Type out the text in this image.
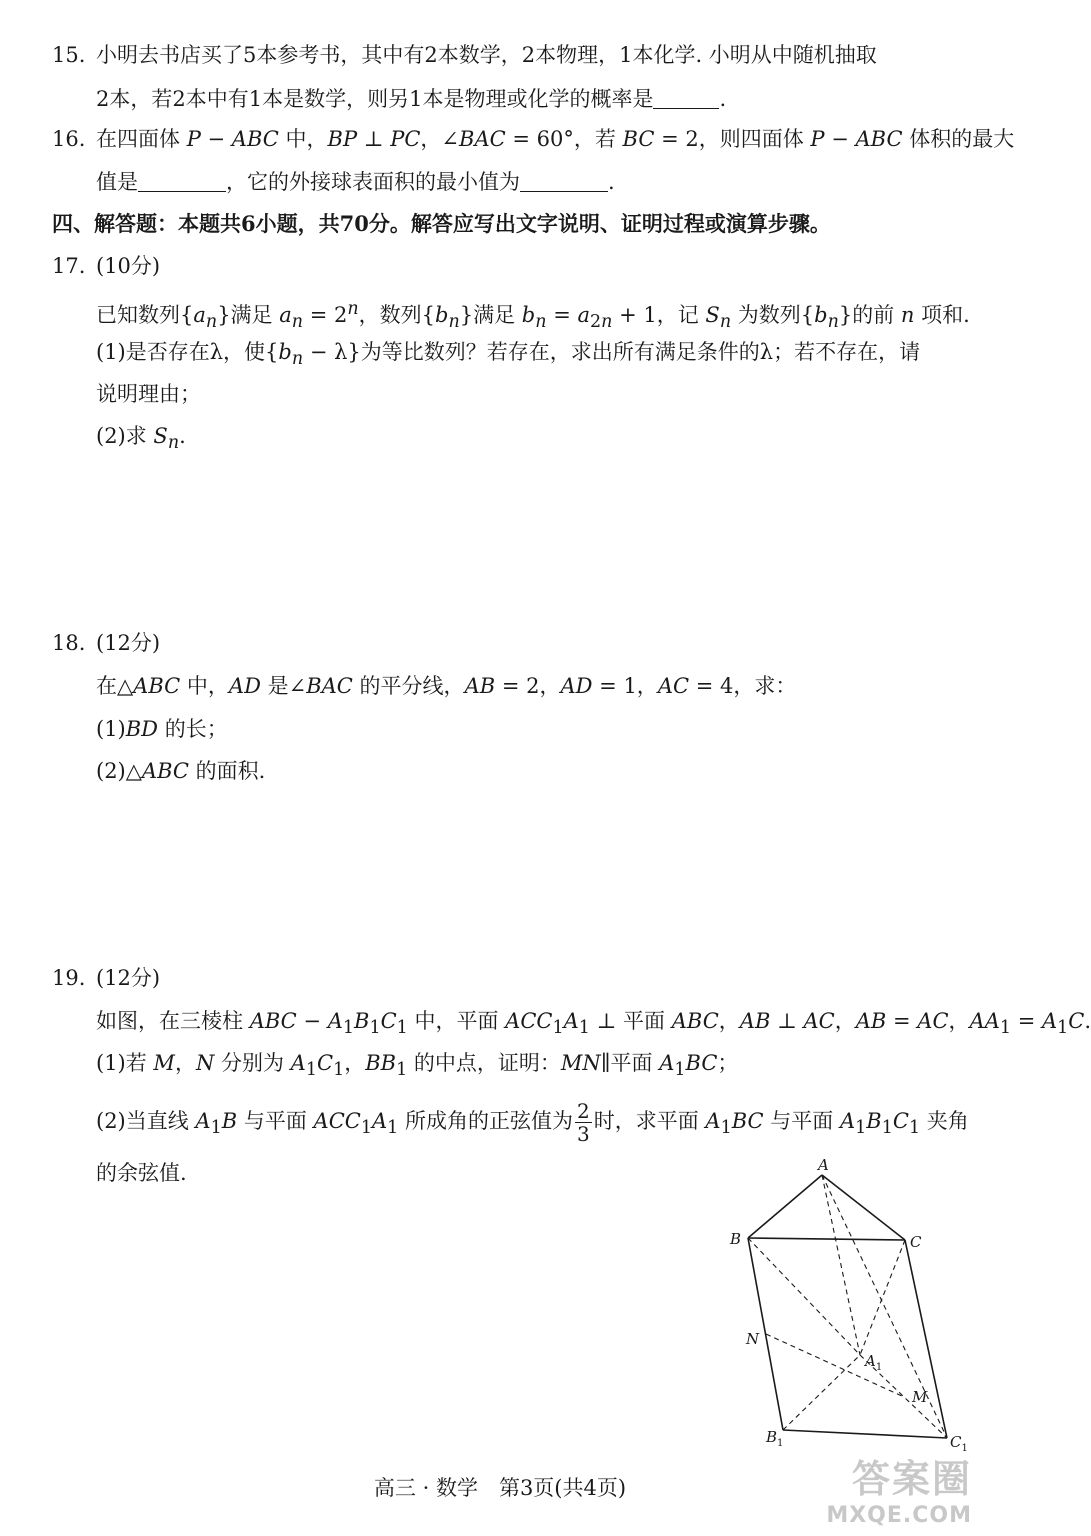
15. 小明去书店买了5本参考书，其中有2本数学，2本物理，1本化学. 小明从中随机抽取
2本，若2本中有1本是数学，则另1本是物理或化学的概率是	.
16. 在四面体 P − ABC 中，BP ⊥ PC，∠BAC = 60°，若 BC = 2，则四面体 P − ABC 体积的最大
值是	，它的外接球表面积的最小值为	.
四、解答题：本题共6小题，共70分。解答应写出文字说明、证明过程或演算步骤。
17. (10分)
已知数列$\{a_n\}$满足 $a_n = 2^n$，数列$\{b_n\}$满足 $b_n = a_{2n} + 1$，记 $S_n$ 为数列$\{b_n\}$的前 n 项和.
(1)是否存在λ，使$\{b_n - \lambda\}$为等比数列？若存在，求出所有满足条件的λ；若不存在，请
说明理由；
(2)求 $S_n$.
18. (12分)
在△ABC 中，AD 是∠BAC 的平分线，AB = 2，AD = 1，AC = 4，求：
(1)BD 的长；
(2)△ABC 的面积.
19. (12分)
如图，在三棱柱 ABC − $A_1B_1C_1$ 中，平面 $ACC_1A_1$ ⊥ 平面 ABC，AB ⊥ AC，AB = AC，$AA_1 = A_1C$.
(1)若 M，N 分别为 $A_1C_1$，$BB_1$ 的中点，证明：MN∥平面 $A_1BC$；
(2)当直线 $A_1B$ 与平面 $ACC_1A_1$ 所成角的正弦值为 $\frac{2}{3}$ 时，求平面 $A_1BC$ 与平面 $A_1B_1C_1$ 夹角
的余弦值.	A
B	C
N
$A_1$
M
$B_1$	$C_1$
高三 · 数学　第3页(共4页)	答案圈
MXQE.COM
